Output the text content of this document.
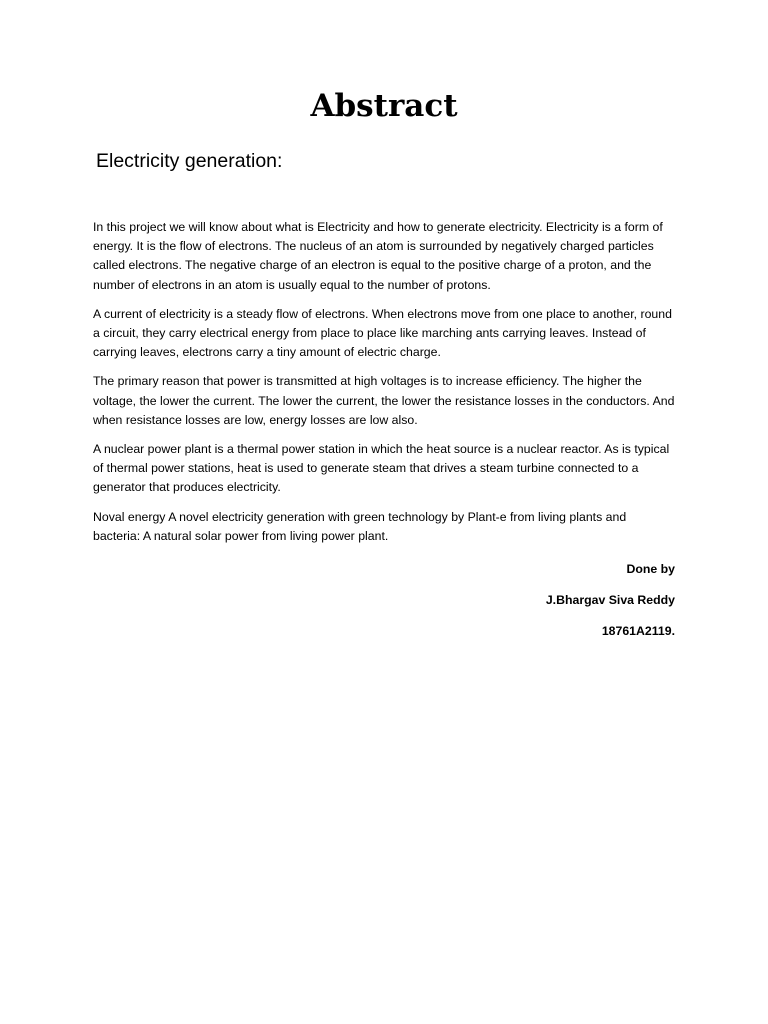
Abstract
Electricity generation:

In this project we will know about what is Electricity and how to generate electricity. Electricity is a form of energy. It is the flow of electrons. The nucleus of an atom is surrounded by negatively charged particles called electrons. The negative charge of an electron is equal to the positive charge of a proton, and the number of electrons in an atom is usually equal to the number of protons.

A current of electricity is a steady flow of electrons. When electrons move from one place to another, round a circuit, they carry electrical energy from place to place like marching ants carrying leaves. Instead of carrying leaves, electrons carry a tiny amount of electric charge.

The primary reason that power is transmitted at high voltages is to increase efficiency. The higher the voltage, the lower the current. The lower the current, the lower the resistance losses in the conductors. And when resistance losses are low, energy losses are low also.

A nuclear power plant is a thermal power station in which the heat source is a nuclear reactor. As is typical of thermal power stations, heat is used to generate steam that drives a steam turbine connected to a generator that produces electricity.

Noval energy A novel electricity generation with green technology by Plant-e from living plants and bacteria: A natural solar power from living power plant.

Done by

J.Bhargav Siva Reddy

18761A2119.
